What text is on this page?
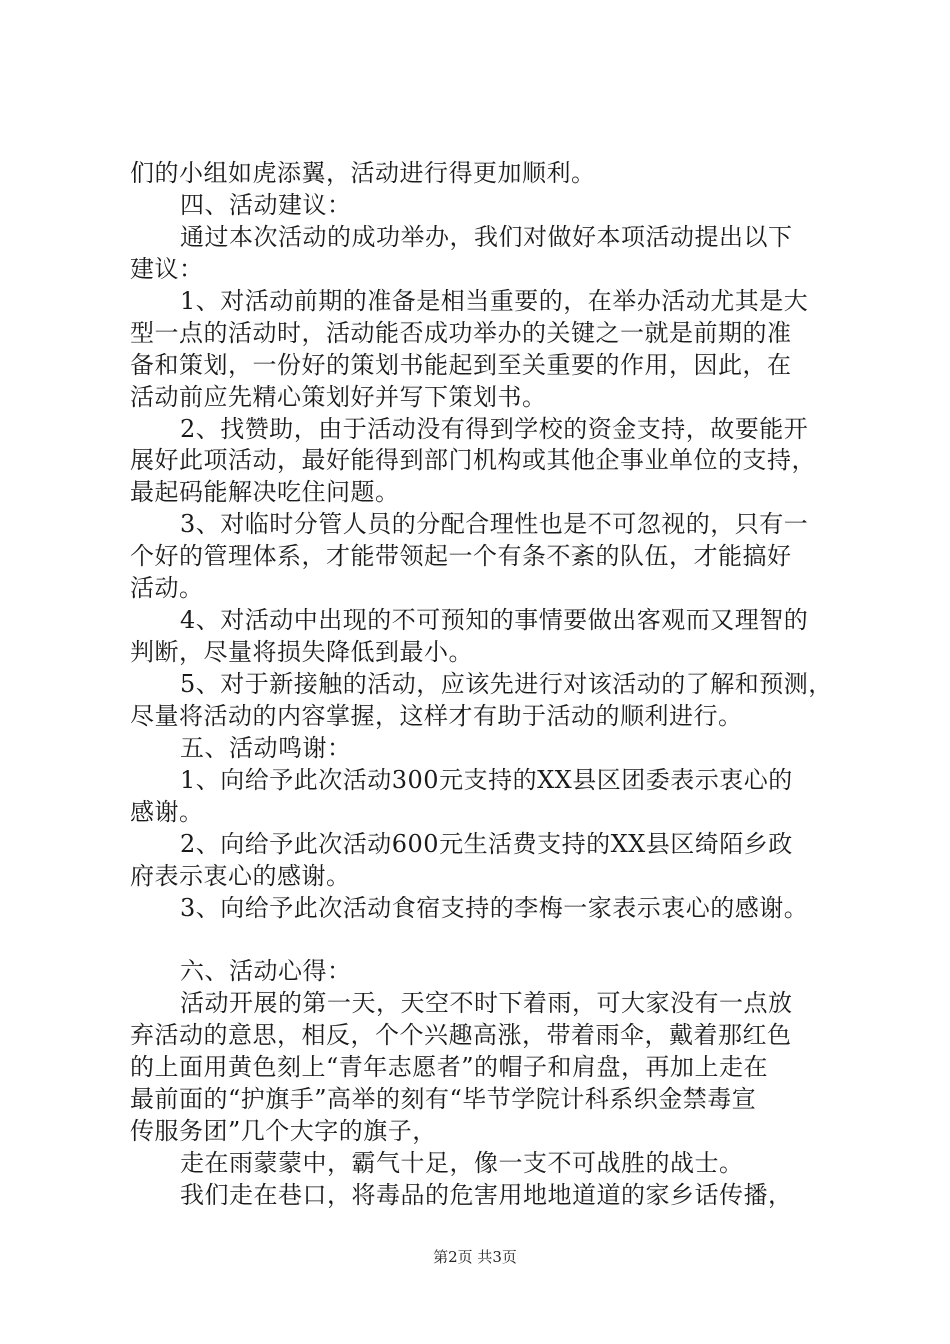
们的小组如虎添翼，活动进行得更加顺利。
四、活动建议：
通过本次活动的成功举办，我们对做好本项活动提出以下
建议：
1、对活动前期的准备是相当重要的，在举办活动尤其是大
型一点的活动时，活动能否成功举办的关键之一就是前期的准
备和策划，一份好的策划书能起到至关重要的作用，因此，在
活动前应先精心策划好并写下策划书。
2、找赞助，由于活动没有得到学校的资金支持，故要能开
展好此项活动，最好能得到部门机构或其他企事业单位的支持，
最起码能解决吃住问题。
3、对临时分管人员的分配合理性也是不可忽视的，只有一
个好的管理体系，才能带领起一个有条不紊的队伍，才能搞好
活动。
4、对活动中出现的不可预知的事情要做出客观而又理智的
判断，尽量将损失降低到最小。
5、对于新接触的活动，应该先进行对该活动的了解和预测，
尽量将活动的内容掌握，这样才有助于活动的顺利进行。
五、活动鸣谢：
1、向给予此次活动300元支持的XX县区团委表示衷心的
感谢。
2、向给予此次活动600元生活费支持的XX县区绮陌乡政
府表示衷心的感谢。
3、向给予此次活动食宿支持的李梅一家表示衷心的感谢。
六、活动心得：
活动开展的第一天，天空不时下着雨，可大家没有一点放
弃活动的意思，相反，个个兴趣高涨，带着雨伞，戴着那红色
的上面用黄色刻上“青年志愿者”的帽子和肩盘，再加上走在
最前面的“护旗手”高举的刻有“毕节学院计科系织金禁毒宣
传服务团”几个大字的旗子，
走在雨蒙蒙中，霸气十足，像一支不可战胜的战士。
我们走在巷口，将毒品的危害用地地道道的家乡话传播，
第2页 共3页
